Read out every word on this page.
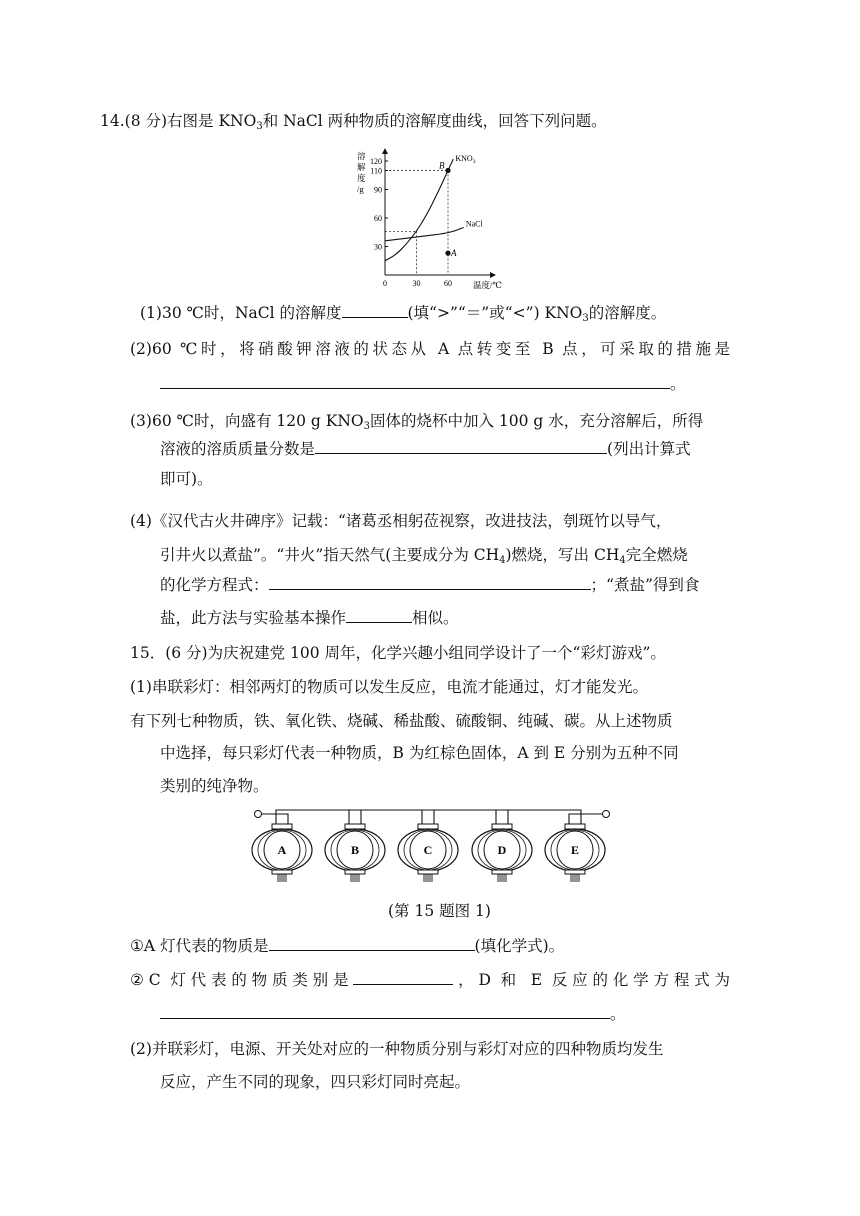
14.(8 分)右图是 $KNO_3$和 NaCl 两种物质的溶解度曲线，回答下列问题。
溶解度/g
120
110
90
60
30
0	30	60
$KNO_3$
NaCl
B
A
温度/℃
(1)30 ℃时，NaCl 的溶解度	(填“>”“＝”或“<”) $KNO_3$的溶解度。
(2)60 ℃时，将硝酸钾溶液的状态从 A 点转变至 B 点，可采取的措施是
。
(3)60 ℃时，向盛有 120 g $KNO_3$固体的烧杯中加入 100 g 水，充分溶解后，所得
溶液的溶质质量分数是	(列出计算式
即可)。
(4)《汉代古火井碑序》记载：“诸葛丞相躬莅视察，改进技法，刳斑竹以导气，
引井火以煮盐”。“井火”指天然气(主要成分为 $CH_4$)燃烧，写出 $CH_4$完全燃烧
的化学方程式：	；“煮盐”得到食
盐，此方法与实验基本操作	相似。
15．(6 分)为庆祝建党 100 周年，化学兴趣小组同学设计了一个“彩灯游戏”。
(1)串联彩灯：相邻两灯的物质可以发生反应，电流才能通过，灯才能发光。
有下列七种物质，铁、氧化铁、烧碱、稀盐酸、硫酸铜、纯碱、碳。从上述物质
中选择，每只彩灯代表一种物质，B 为红棕色固体，A 到 E 分别为五种不同
类别的纯净物。
A	B	C	D	E
(第 15 题图 1)
①A 灯代表的物质是	(填化学式)。
②C 灯代表的物质类别是	，D 和 E 反应的化学方程式为
。
(2)并联彩灯，电源、开关处对应的一种物质分别与彩灯对应的四种物质均发生
反应，产生不同的现象，四只彩灯同时亮起。
